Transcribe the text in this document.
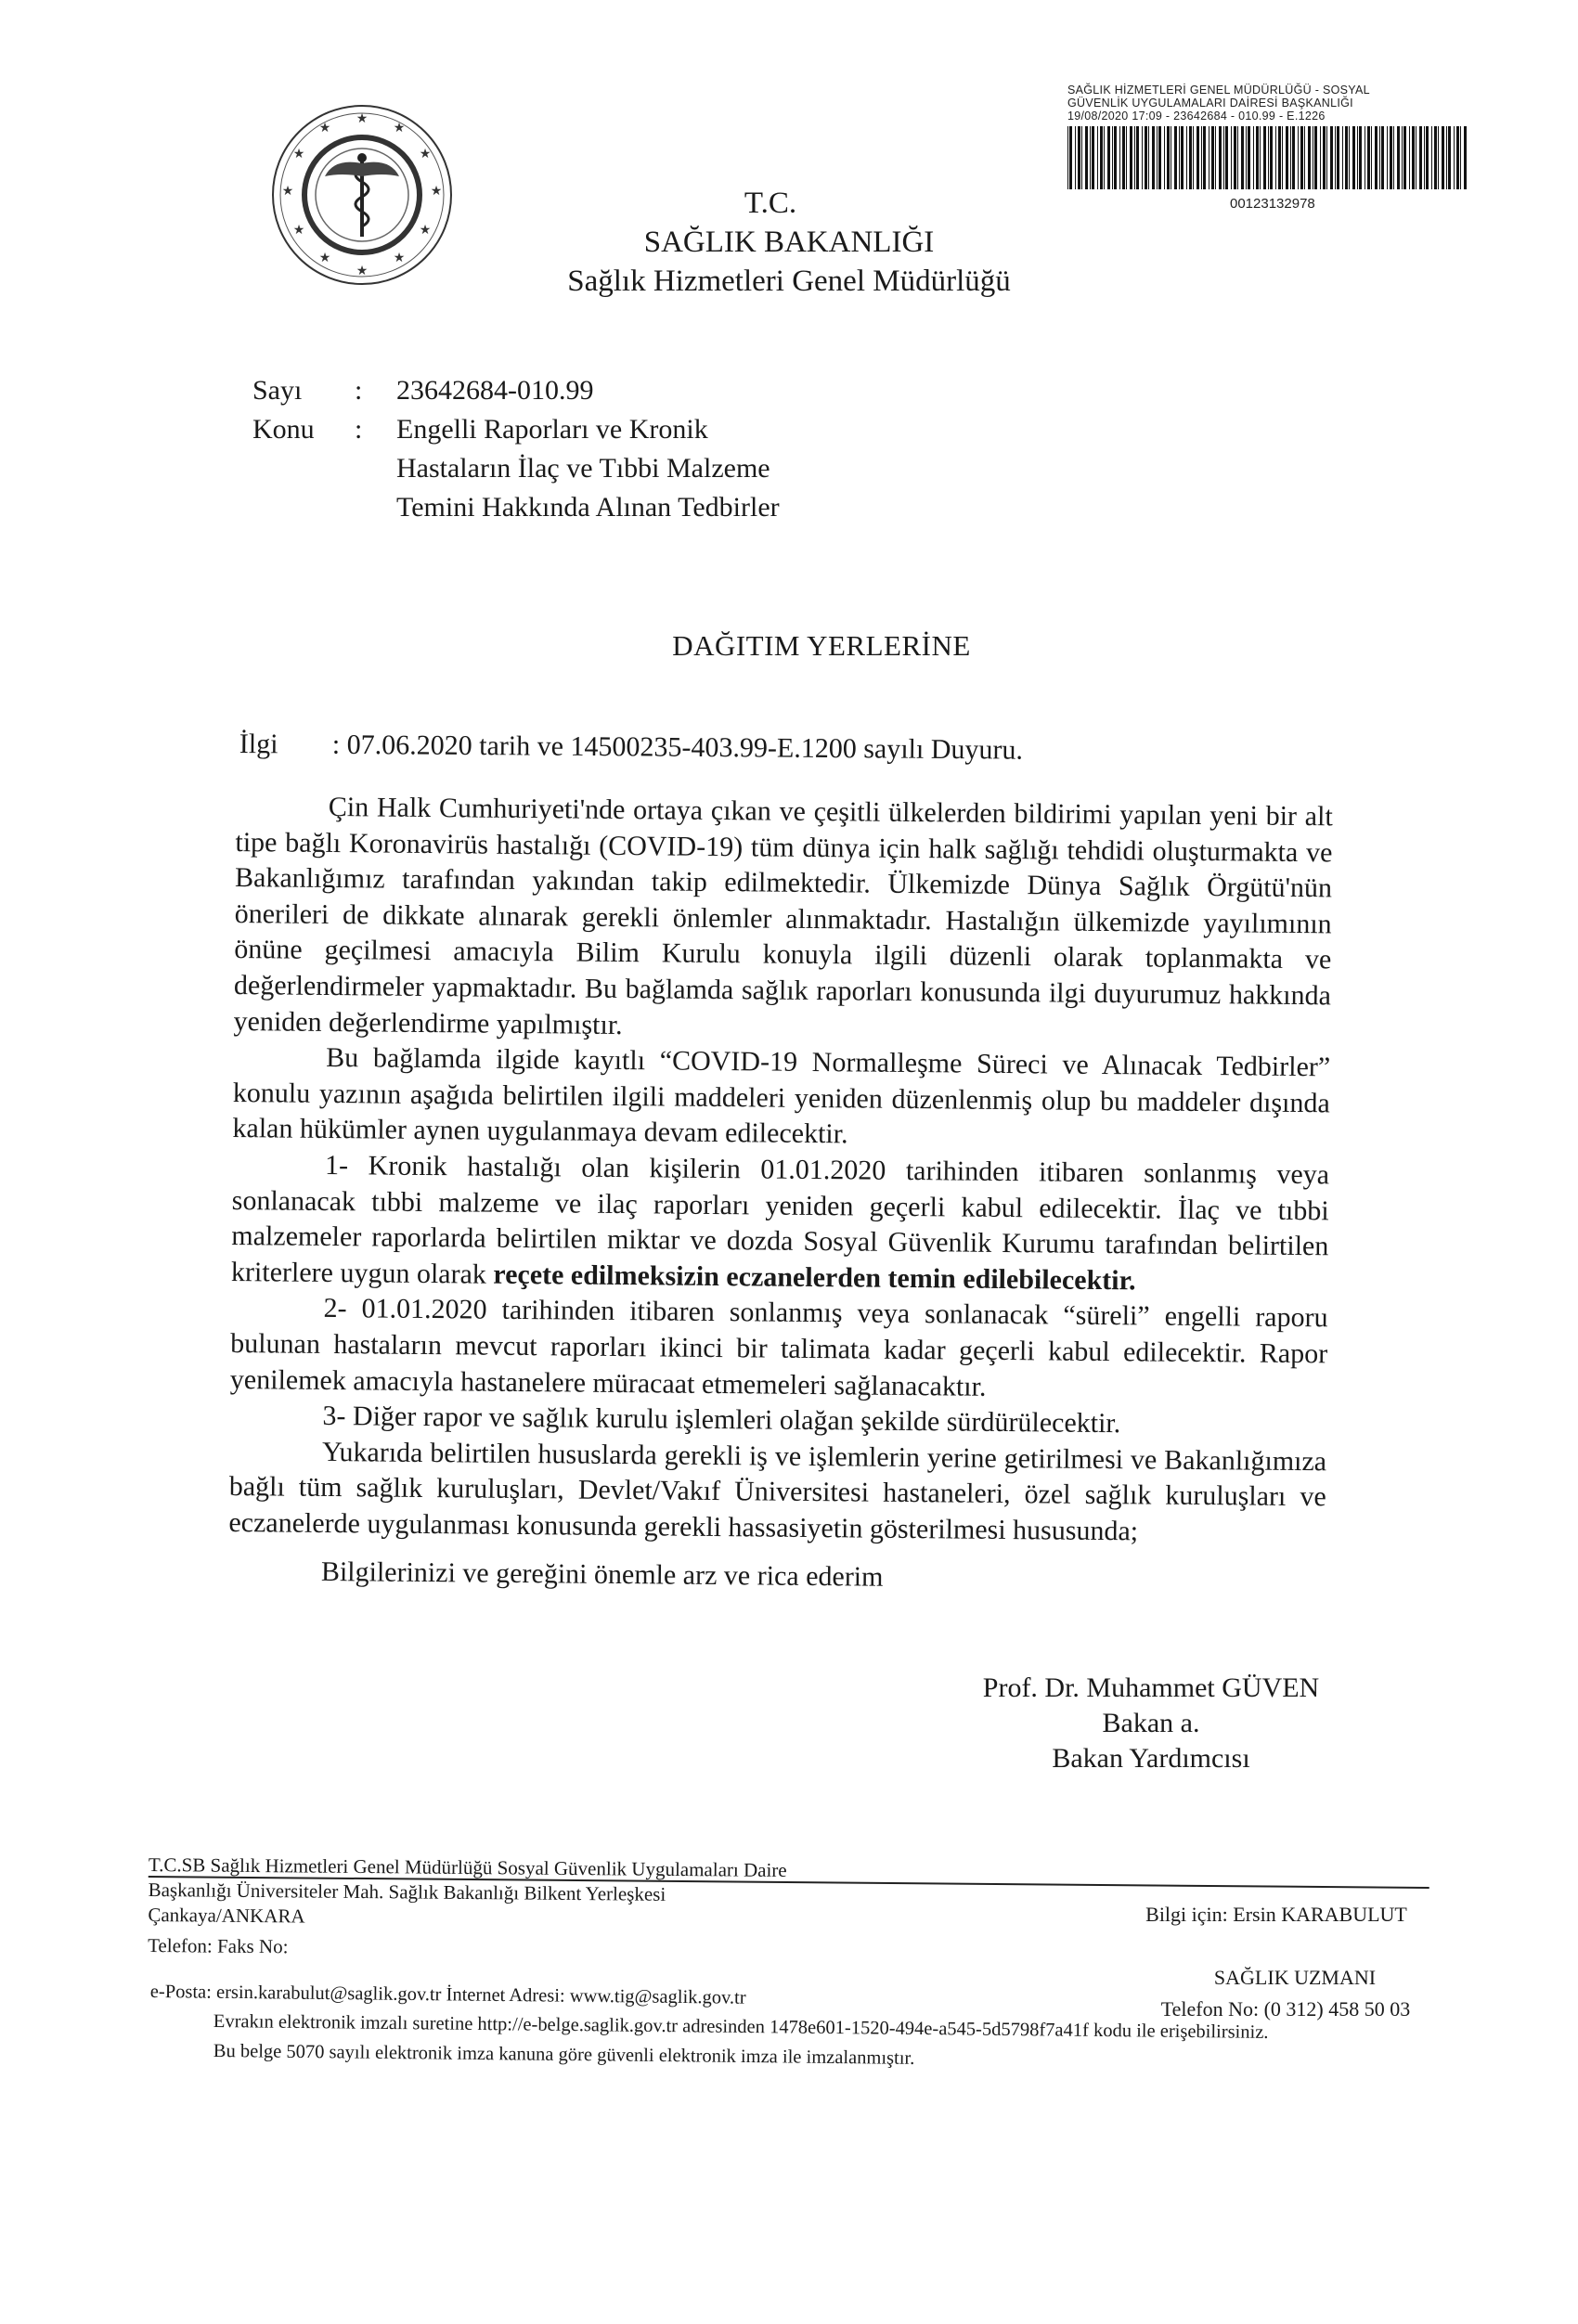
★
★
★
★
★
★
★
★
★
★
★
★
SAĞLIK HİZMETLERİ GENEL MÜDÜRLÜĞÜ - SOSYAL
GÜVENLİK UYGULAMALARI DAİRESİ BAŞKANLIĞI
19/08/2020 17:09 - 23642684 - 010.99 - E.1226
00123132978
T.C.
SAĞLIK BAKANLIĞI
Sağlık Hizmetleri Genel Müdürlüğü
Sayı	:	23642684-010.99
Konu	:	Engelli Raporları ve Kronik
Hastaların İlaç ve Tıbbi Malzeme
Temini Hakkında Alınan Tedbirler
DAĞITIM YERLERİNE
İlgi : 07.06.2020 tarih ve 14500235-403.99-E.1200 sayılı Duyuru.

Çin Halk Cumhuriyeti'nde ortaya çıkan ve çeşitli ülkelerden bildirimi yapılan yeni bir alt tipe bağlı Koronavirüs hastalığı (COVID-19) tüm dünya için halk sağlığı tehdidi oluşturmakta ve Bakanlığımız tarafından yakından takip edilmektedir. Ülkemizde Dünya Sağlık Örgütü'nün önerileri de dikkate alınarak gerekli önlemler alınmaktadır. Hastalığın ülkemizde yayılımının önüne geçilmesi amacıyla Bilim Kurulu konuyla ilgili düzenli olarak toplanmakta ve değerlendirmeler yapmaktadır. Bu bağlamda sağlık raporları konusunda ilgi duyurumuz hakkında yeniden değerlendirme yapılmıştır.

Bu bağlamda ilgide kayıtlı “COVID-19 Normalleşme Süreci ve Alınacak Tedbirler” konulu yazının aşağıda belirtilen ilgili maddeleri yeniden düzenlenmiş olup bu maddeler dışında kalan hükümler aynen uygulanmaya devam edilecektir.

1- Kronik hastalığı olan kişilerin 01.01.2020 tarihinden itibaren sonlanmış veya sonlanacak tıbbi malzeme ve ilaç raporları yeniden geçerli kabul edilecektir. İlaç ve tıbbi malzemeler raporlarda belirtilen miktar ve dozda Sosyal Güvenlik Kurumu tarafından belirtilen kriterlere uygun olarak reçete edilmeksizin eczanelerden temin edilebilecektir.

2- 01.01.2020 tarihinden itibaren sonlanmış veya sonlanacak “süreli” engelli raporu bulunan hastaların mevcut raporları ikinci bir talimata kadar geçerli kabul edilecektir. Rapor yenilemek amacıyla hastanelere müracaat etmemeleri sağlanacaktır.

3- Diğer rapor ve sağlık kurulu işlemleri olağan şekilde sürdürülecektir.

Yukarıda belirtilen hususlarda gerekli iş ve işlemlerin yerine getirilmesi ve Bakanlığımıza bağlı tüm sağlık kuruluşları, Devlet/Vakıf Üniversitesi hastaneleri, özel sağlık kuruluşları ve eczanelerde uygulanması konusunda gerekli hassasiyetin gösterilmesi hususunda;

Bilgilerinizi ve gereğini önemle arz ve rica ederim

Prof. Dr. Muhammet GÜVEN
Bakan a.
Bakan Yardımcısı
T.C.SB Sağlık Hizmetleri Genel Müdürlüğü Sosyal Güvenlik Uygulamaları Daire
Başkanlığı Üniversiteler Mah. Sağlık Bakanlığı Bilkent Yerleşkesi
Çankaya/ANKARA
Telefon: Faks No:
Bilgi için: Ersin KARABULUT
SAĞLIK UZMANI
e-Posta: ersin.karabulut@saglik.gov.tr İnternet Adresi: www.tig@saglik.gov.tr
Telefon No: (0 312) 458 50 03
Evrakın elektronik imzalı suretine http://e-belge.saglik.gov.tr adresinden 1478e601-1520-494e-a545-5d5798f7a41f kodu ile erişebilirsiniz.
Bu belge 5070 sayılı elektronik imza kanuna göre güvenli elektronik imza ile imzalanmıştır.
